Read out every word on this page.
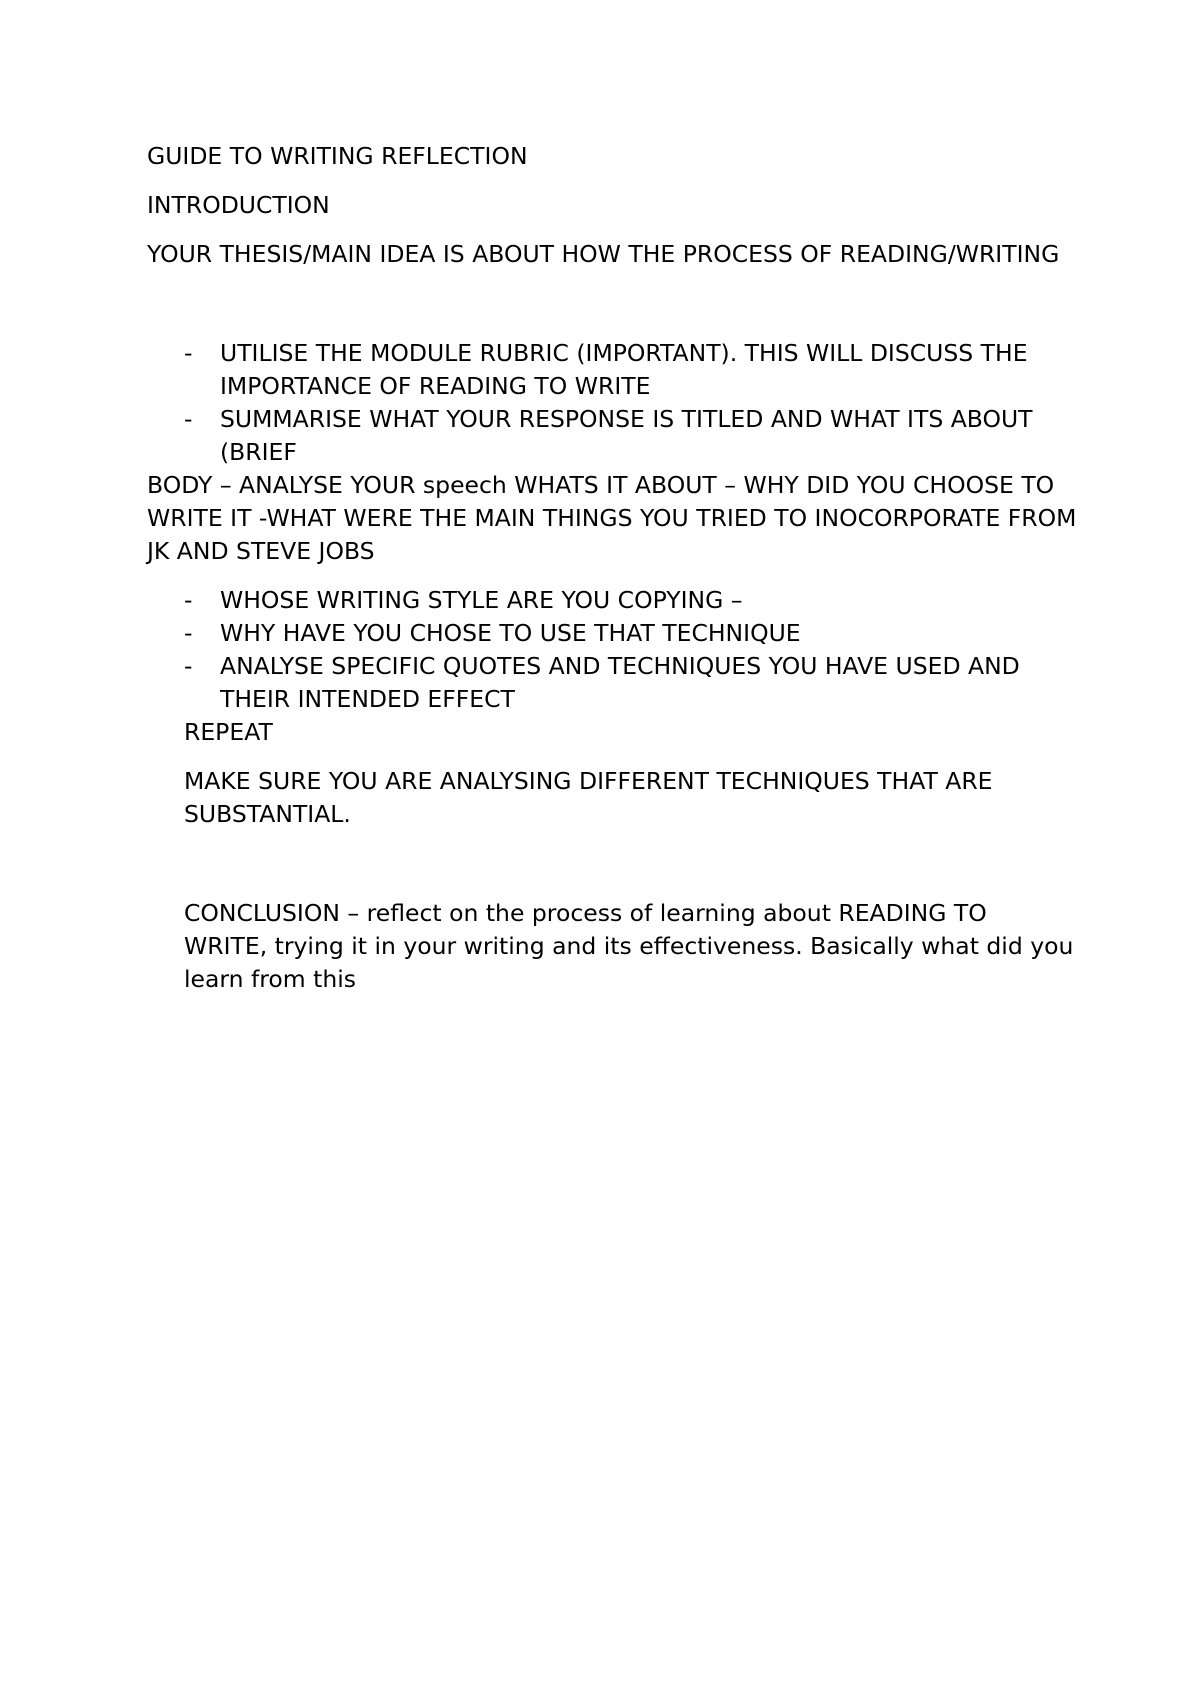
GUIDE TO WRITING REFLECTION

INTRODUCTION

YOUR THESIS/MAIN IDEA IS ABOUT HOW THE PROCESS OF READING/WRITING

- UTILISE THE MODULE RUBRIC (IMPORTANT). THIS WILL DISCUSS THE IMPORTANCE OF READING TO WRITE
- SUMMARISE WHAT YOUR RESPONSE IS TITLED AND WHAT ITS ABOUT (BRIEF

BODY – ANALYSE YOUR speech WHATS IT ABOUT – WHY DID YOU CHOOSE TO WRITE IT -WHAT WERE THE MAIN THINGS YOU TRIED TO INOCORPORATE FROM JK AND STEVE JOBS

- WHOSE WRITING STYLE ARE YOU COPYING –
- WHY HAVE YOU CHOSE TO USE THAT TECHNIQUE
- ANALYSE SPECIFIC QUOTES AND TECHNIQUES YOU HAVE USED AND THEIR INTENDED EFFECT

REPEAT

MAKE SURE YOU ARE ANALYSING DIFFERENT TECHNIQUES THAT ARE SUBSTANTIAL.

CONCLUSION – reflect on the process of learning about READING TO WRITE, trying it in your writing and its effectiveness. Basically what did you learn from this
